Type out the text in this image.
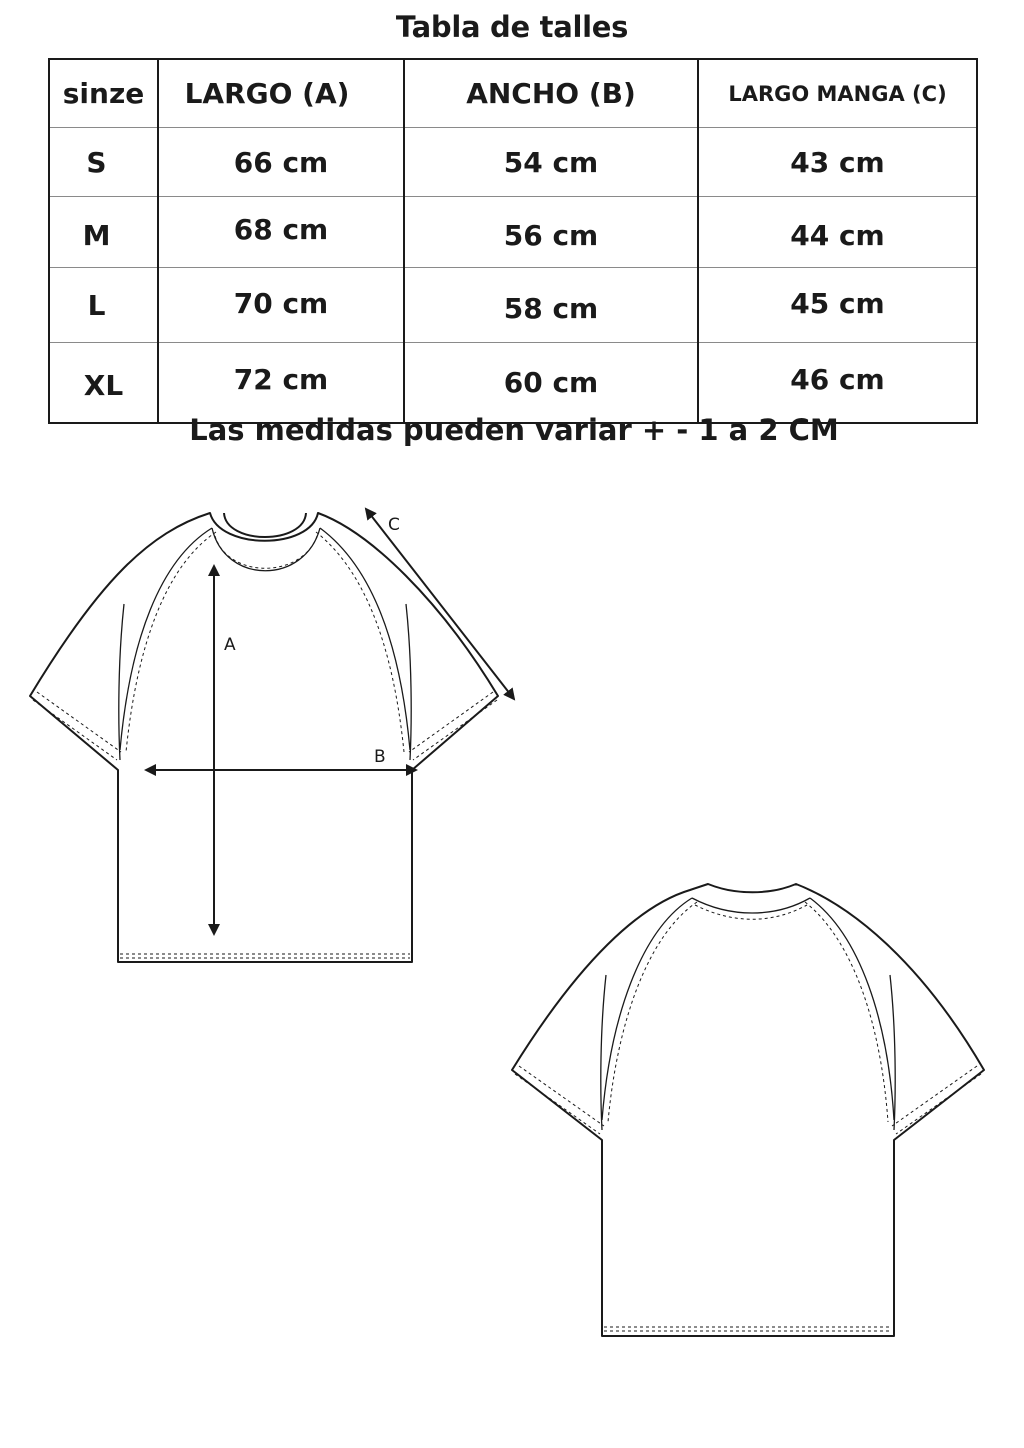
Tabla de talles
sinze	LARGO (A)	ANCHO (B)	LARGO MANGA (C)
S	66 cm	54 cm	43 cm
M	68 cm	56 cm	44 cm
L	70 cm	58 cm	45 cm
XL	72 cm	60 cm	46 cm
Las medidas pueden variar + - 1 a 2 CM
A
B
C
